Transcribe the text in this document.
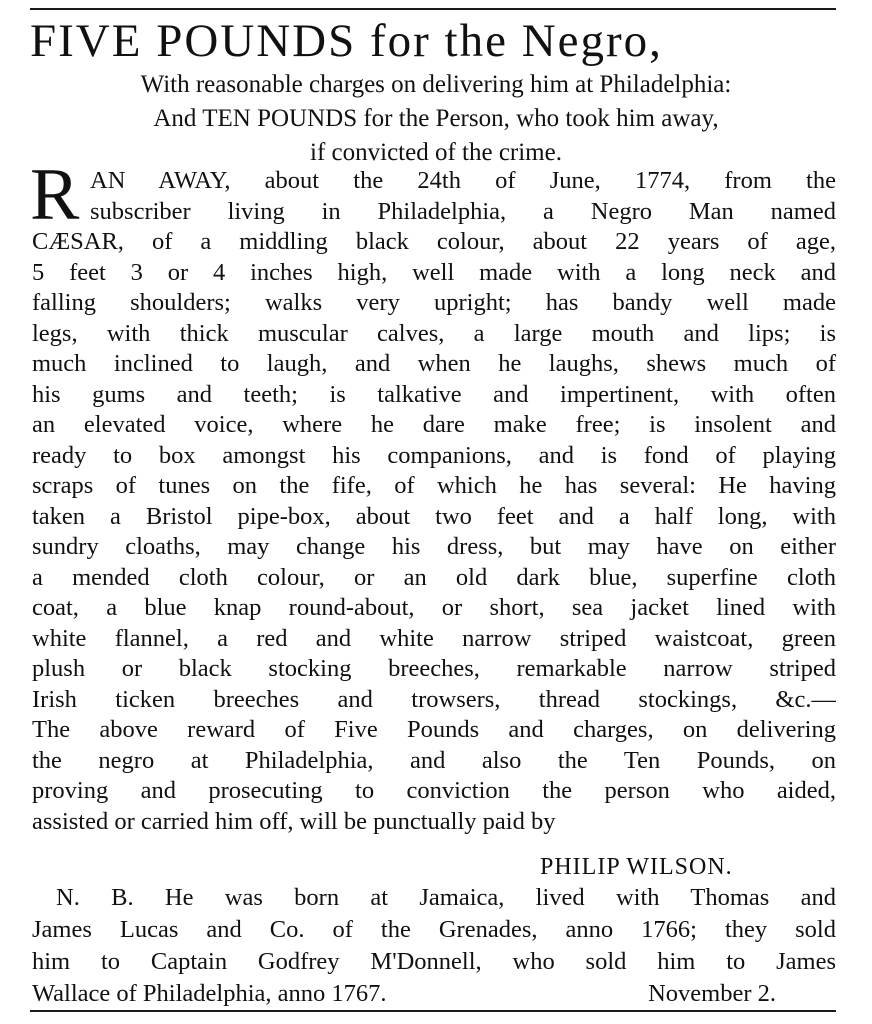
FIVE POUNDS for the Negro,
With reasonable charges on delivering him at Philadelphia:
And TEN POUNDS for the Person, who took him away,
if convicted of the crime.
R AN AWAY, about the 24th of June, 1774, from the
subscriber living in Philadelphia, a Negro Man named
CÆSAR, of a middling black colour, about 22 years of age,
5 feet 3 or 4 inches high, well made with a long neck and
falling shoulders; walks very upright; has bandy well made
legs, with thick muscular calves, a large mouth and lips; is
much inclined to laugh, and when he laughs, shews much of
his gums and teeth; is talkative and impertinent, with often
an elevated voice, where he dare make free; is insolent and
ready to box amongst his companions, and is fond of playing
scraps of tunes on the fife, of which he has several: He having
taken a Bristol pipe-box, about two feet and a half long, with
sundry cloaths, may change his dress, but may have on either
a mended cloth colour, or an old dark blue, superfine cloth
coat, a blue knap round-about, or short, sea jacket lined with
white flannel, a red and white narrow striped waistcoat, green
plush or black stocking breeches, remarkable narrow striped
Irish ticken breeches and trowsers, thread stockings, &c.—
The above reward of Five Pounds and charges, on delivering
the negro at Philadelphia, and also the Ten Pounds, on
proving and prosecuting to conviction the person who aided,
assisted or carried him off, will be punctually paid by
PHILIP WILSON.
N. B. He was born at Jamaica, lived with Thomas and
James Lucas and Co. of the Grenades, anno 1766; they sold
him to Captain Godfrey M'Donnell, who sold him to James
Wallace of Philadelphia, anno 1767.	November 2.
